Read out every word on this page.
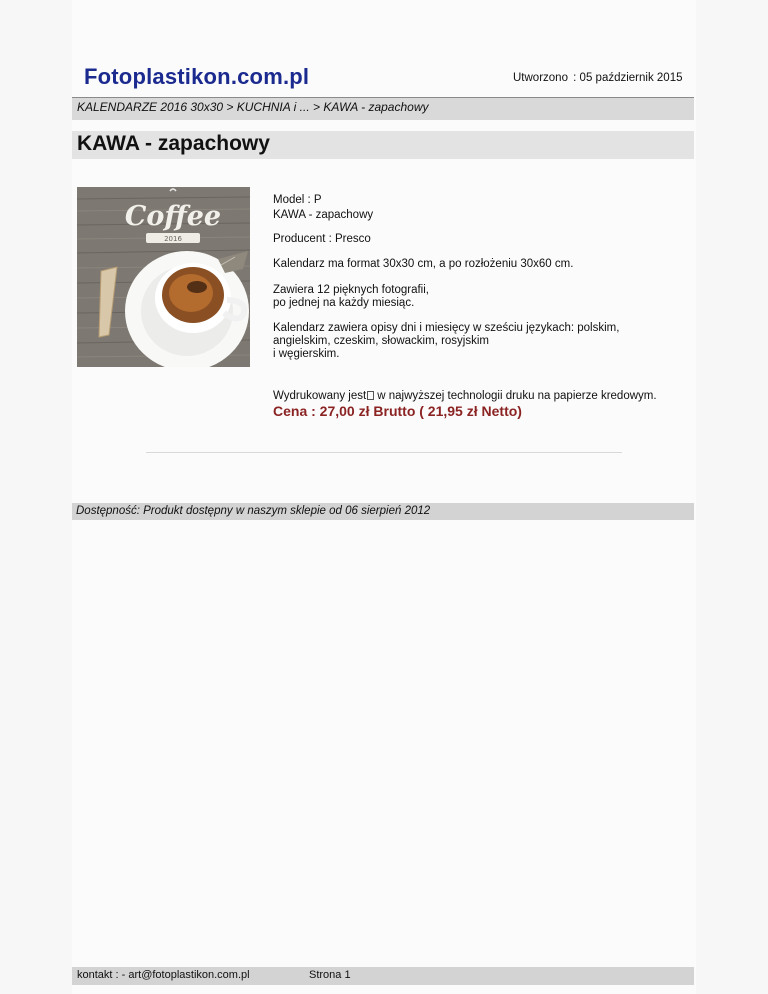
Fotoplastikon.com.pl	Utworzono : 05 październik 2015
KALENDARZE 2016 30x30 > KUCHNIA i ... > KAWA - zapachowy
KAWA - zapachowy
Coffee
2016
Model : P
KAWA - zapachowy
Producent : Presco
Kalendarz ma format 30x30 cm, a po rozłożeniu 30x60 cm.
Zawiera 12 pięknych fotografii,
po jednej na każdy miesiąc.
Kalendarz zawiera opisy dni i miesięcy w sześciu językach: polskim,
angielskim, czeskim, słowackim, rosyjskim
i węgierskim.
Wydrukowany jest w najwyższej technologii druku na papierze kredowym.
Cena : 27,00 zł Brutto ( 21,95 zł Netto)
Dostępność: Produkt dostępny w naszym sklepie od 06 sierpień 2012
kontakt : - art@fotoplastikon.com.pl	Strona 1
